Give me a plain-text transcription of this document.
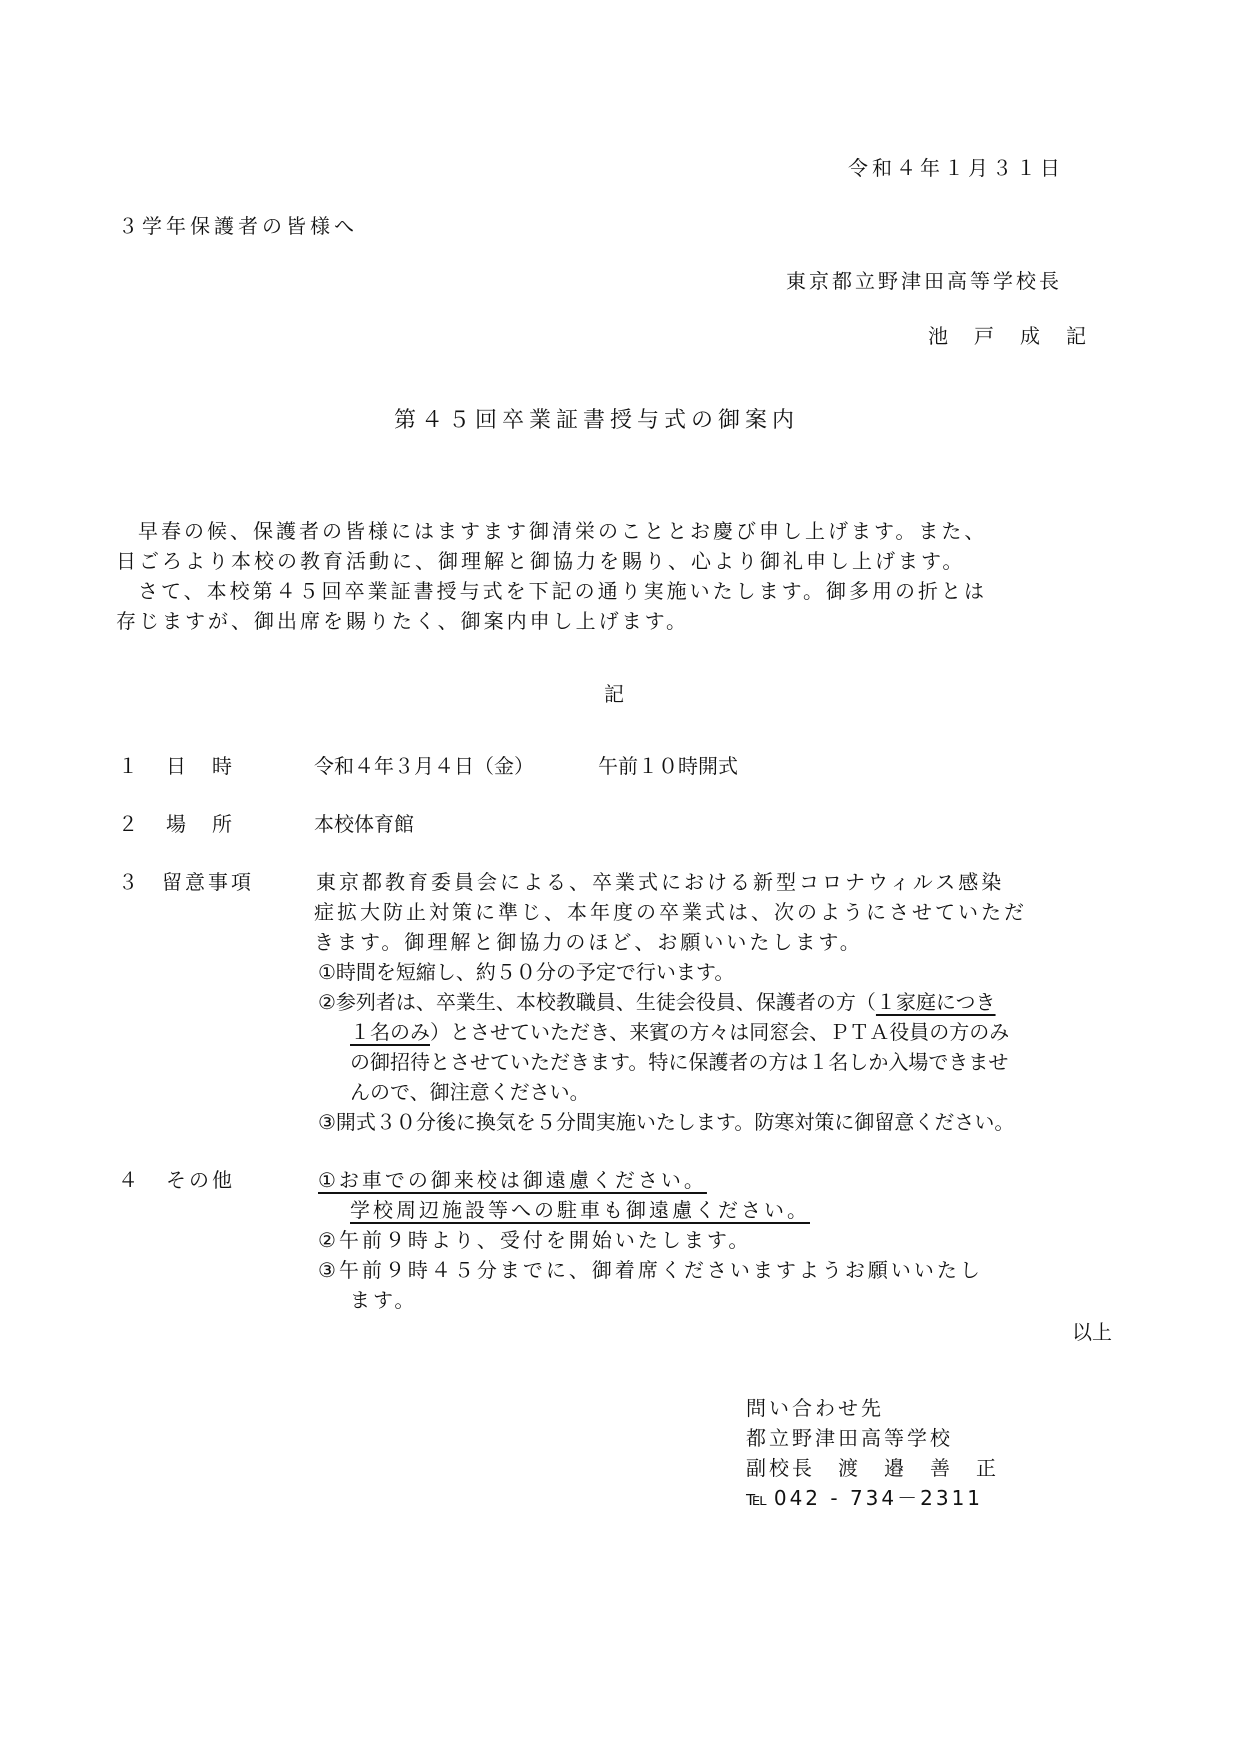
令和４年１月３１日
３学年保護者の皆様へ
東京都立野津田高等学校長
池　戸　成　記
第４５回卒業証書授与式の御案内
早春の候、保護者の皆様にはますます御清栄のこととお慶び申し上げます。また、
日ごろより本校の教育活動に、御理解と御協力を賜り、心より御礼申し上げます。
さて、本校第４５回卒業証書授与式を下記の通り実施いたします。御多用の折とは
存じますが、御出席を賜りたく、御案内申し上げます。
記
１ 日　時	令和４年３月４日（金）	午前１０時開式
２ 場　所	本校体育館
３ 留意事項	東京都教育委員会による、卒業式における新型コロナウィルス感染
症拡大防止対策に準じ、本年度の卒業式は、次のようにさせていただ
きます。御理解と御協力のほど、お願いいたします。
①時間を短縮し、約５０分の予定で行います。
②参列者は、卒業生、本校教職員、生徒会役員、保護者の方（１家庭につき
１名のみ）とさせていただき、来賓の方々は同窓会、ＰＴＡ役員の方のみ
の御招待とさせていただきます。特に保護者の方は１名しか入場できませ
んので、御注意ください。
③開式３０分後に換気を５分間実施いたします。防寒対策に御留意ください。
４ その他	①お車での御来校は御遠慮ください。
学校周辺施設等への駐車も御遠慮ください。
②午前９時より、受付を開始いたします。
③午前９時４５分までに、御着席くださいますようお願いいたし
ます。
以上
問い合わせ先
都立野津田高等学校
副校長　渡　邉　善　正
℡ 042 - 734－2311
